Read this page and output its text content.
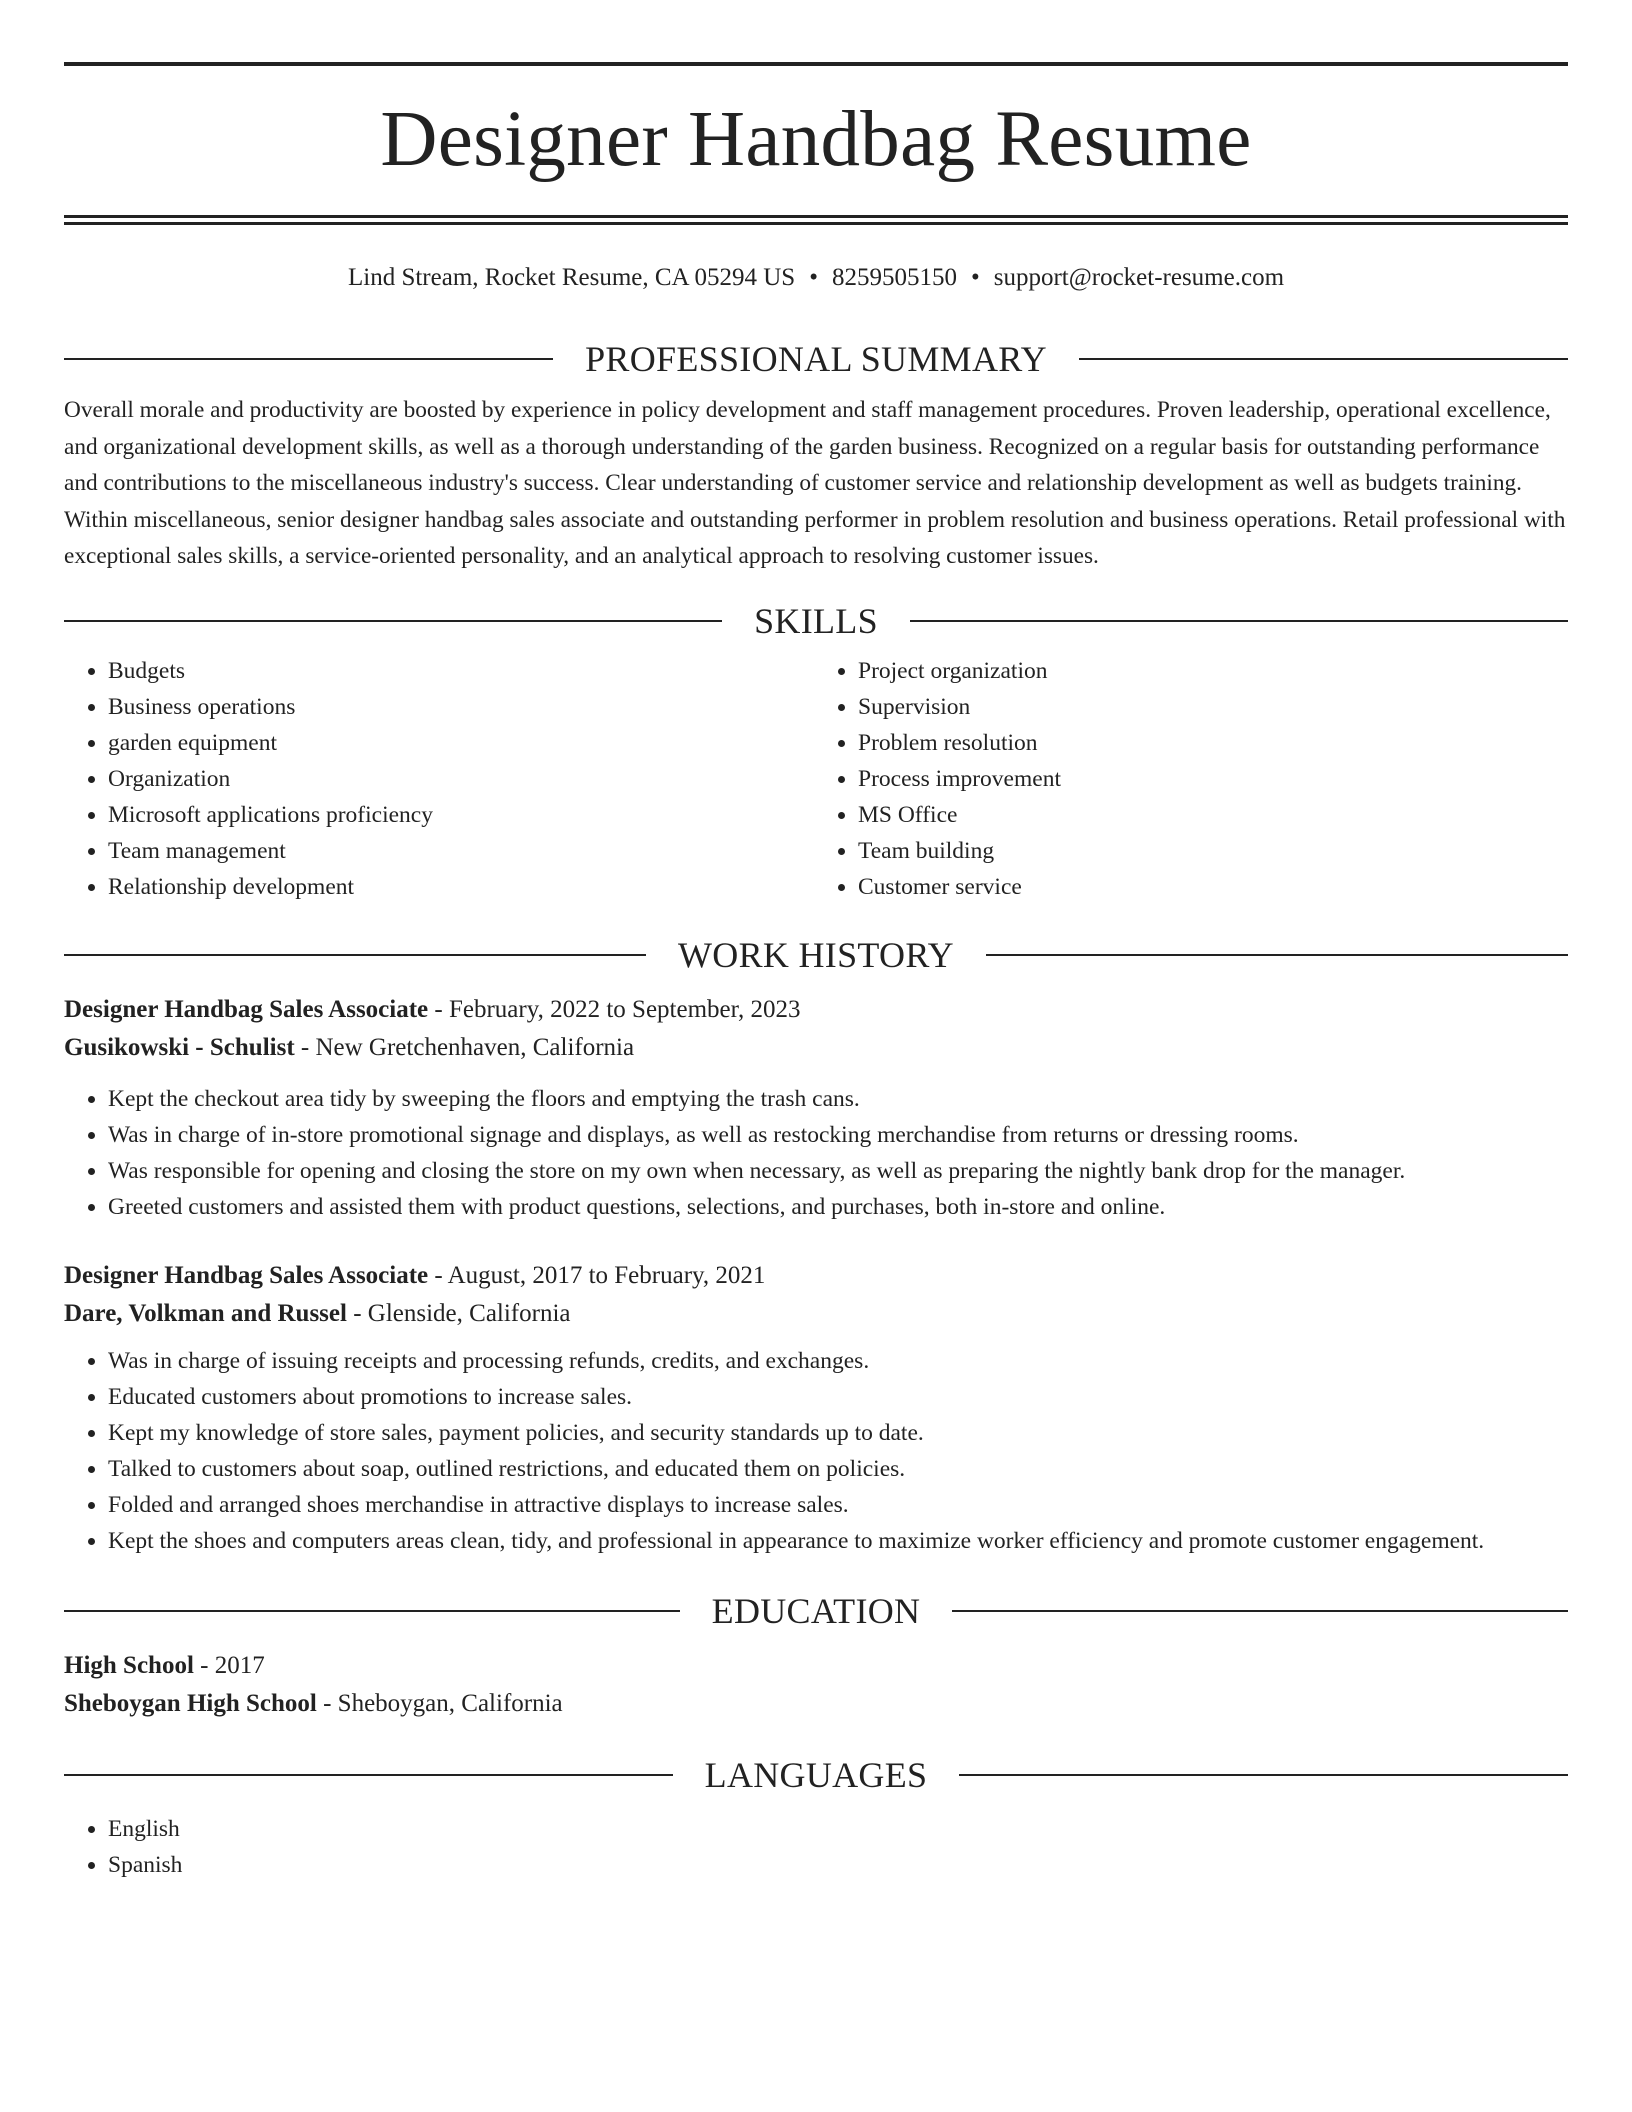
Designer Handbag Resume
Lind Stream, Rocket Resume, CA 05294 US • 8259505150 • support@rocket-resume.com
PROFESSIONAL SUMMARY
Overall morale and productivity are boosted by experience in policy development and staff management procedures. Proven leadership, operational excellence, and organizational development skills, as well as a thorough understanding of the garden business. Recognized on a regular basis for outstanding performance and contributions to the miscellaneous industry's success. Clear understanding of customer service and relationship development as well as budgets training. Within miscellaneous, senior designer handbag sales associate and outstanding performer in problem resolution and business operations. Retail professional with exceptional sales skills, a service-oriented personality, and an analytical approach to resolving customer issues.
SKILLS
• Budgets
• Business operations
• garden equipment
• Organization
• Microsoft applications proficiency
• Team management
• Relationship development
• Project organization
• Supervision
• Problem resolution
• Process improvement
• MS Office
• Team building
• Customer service
WORK HISTORY
Designer Handbag Sales Associate - February, 2022 to September, 2023
Gusikowski - Schulist - New Gretchenhaven, California
• Kept the checkout area tidy by sweeping the floors and emptying the trash cans.
• Was in charge of in-store promotional signage and displays, as well as restocking merchandise from returns or dressing rooms.
• Was responsible for opening and closing the store on my own when necessary, as well as preparing the nightly bank drop for the manager.
• Greeted customers and assisted them with product questions, selections, and purchases, both in-store and online.
Designer Handbag Sales Associate - August, 2017 to February, 2021
Dare, Volkman and Russel - Glenside, California
• Was in charge of issuing receipts and processing refunds, credits, and exchanges.
• Educated customers about promotions to increase sales.
• Kept my knowledge of store sales, payment policies, and security standards up to date.
• Talked to customers about soap, outlined restrictions, and educated them on policies.
• Folded and arranged shoes merchandise in attractive displays to increase sales.
• Kept the shoes and computers areas clean, tidy, and professional in appearance to maximize worker efficiency and promote customer engagement.
EDUCATION
High School - 2017
Sheboygan High School - Sheboygan, California
LANGUAGES
• English
• Spanish
